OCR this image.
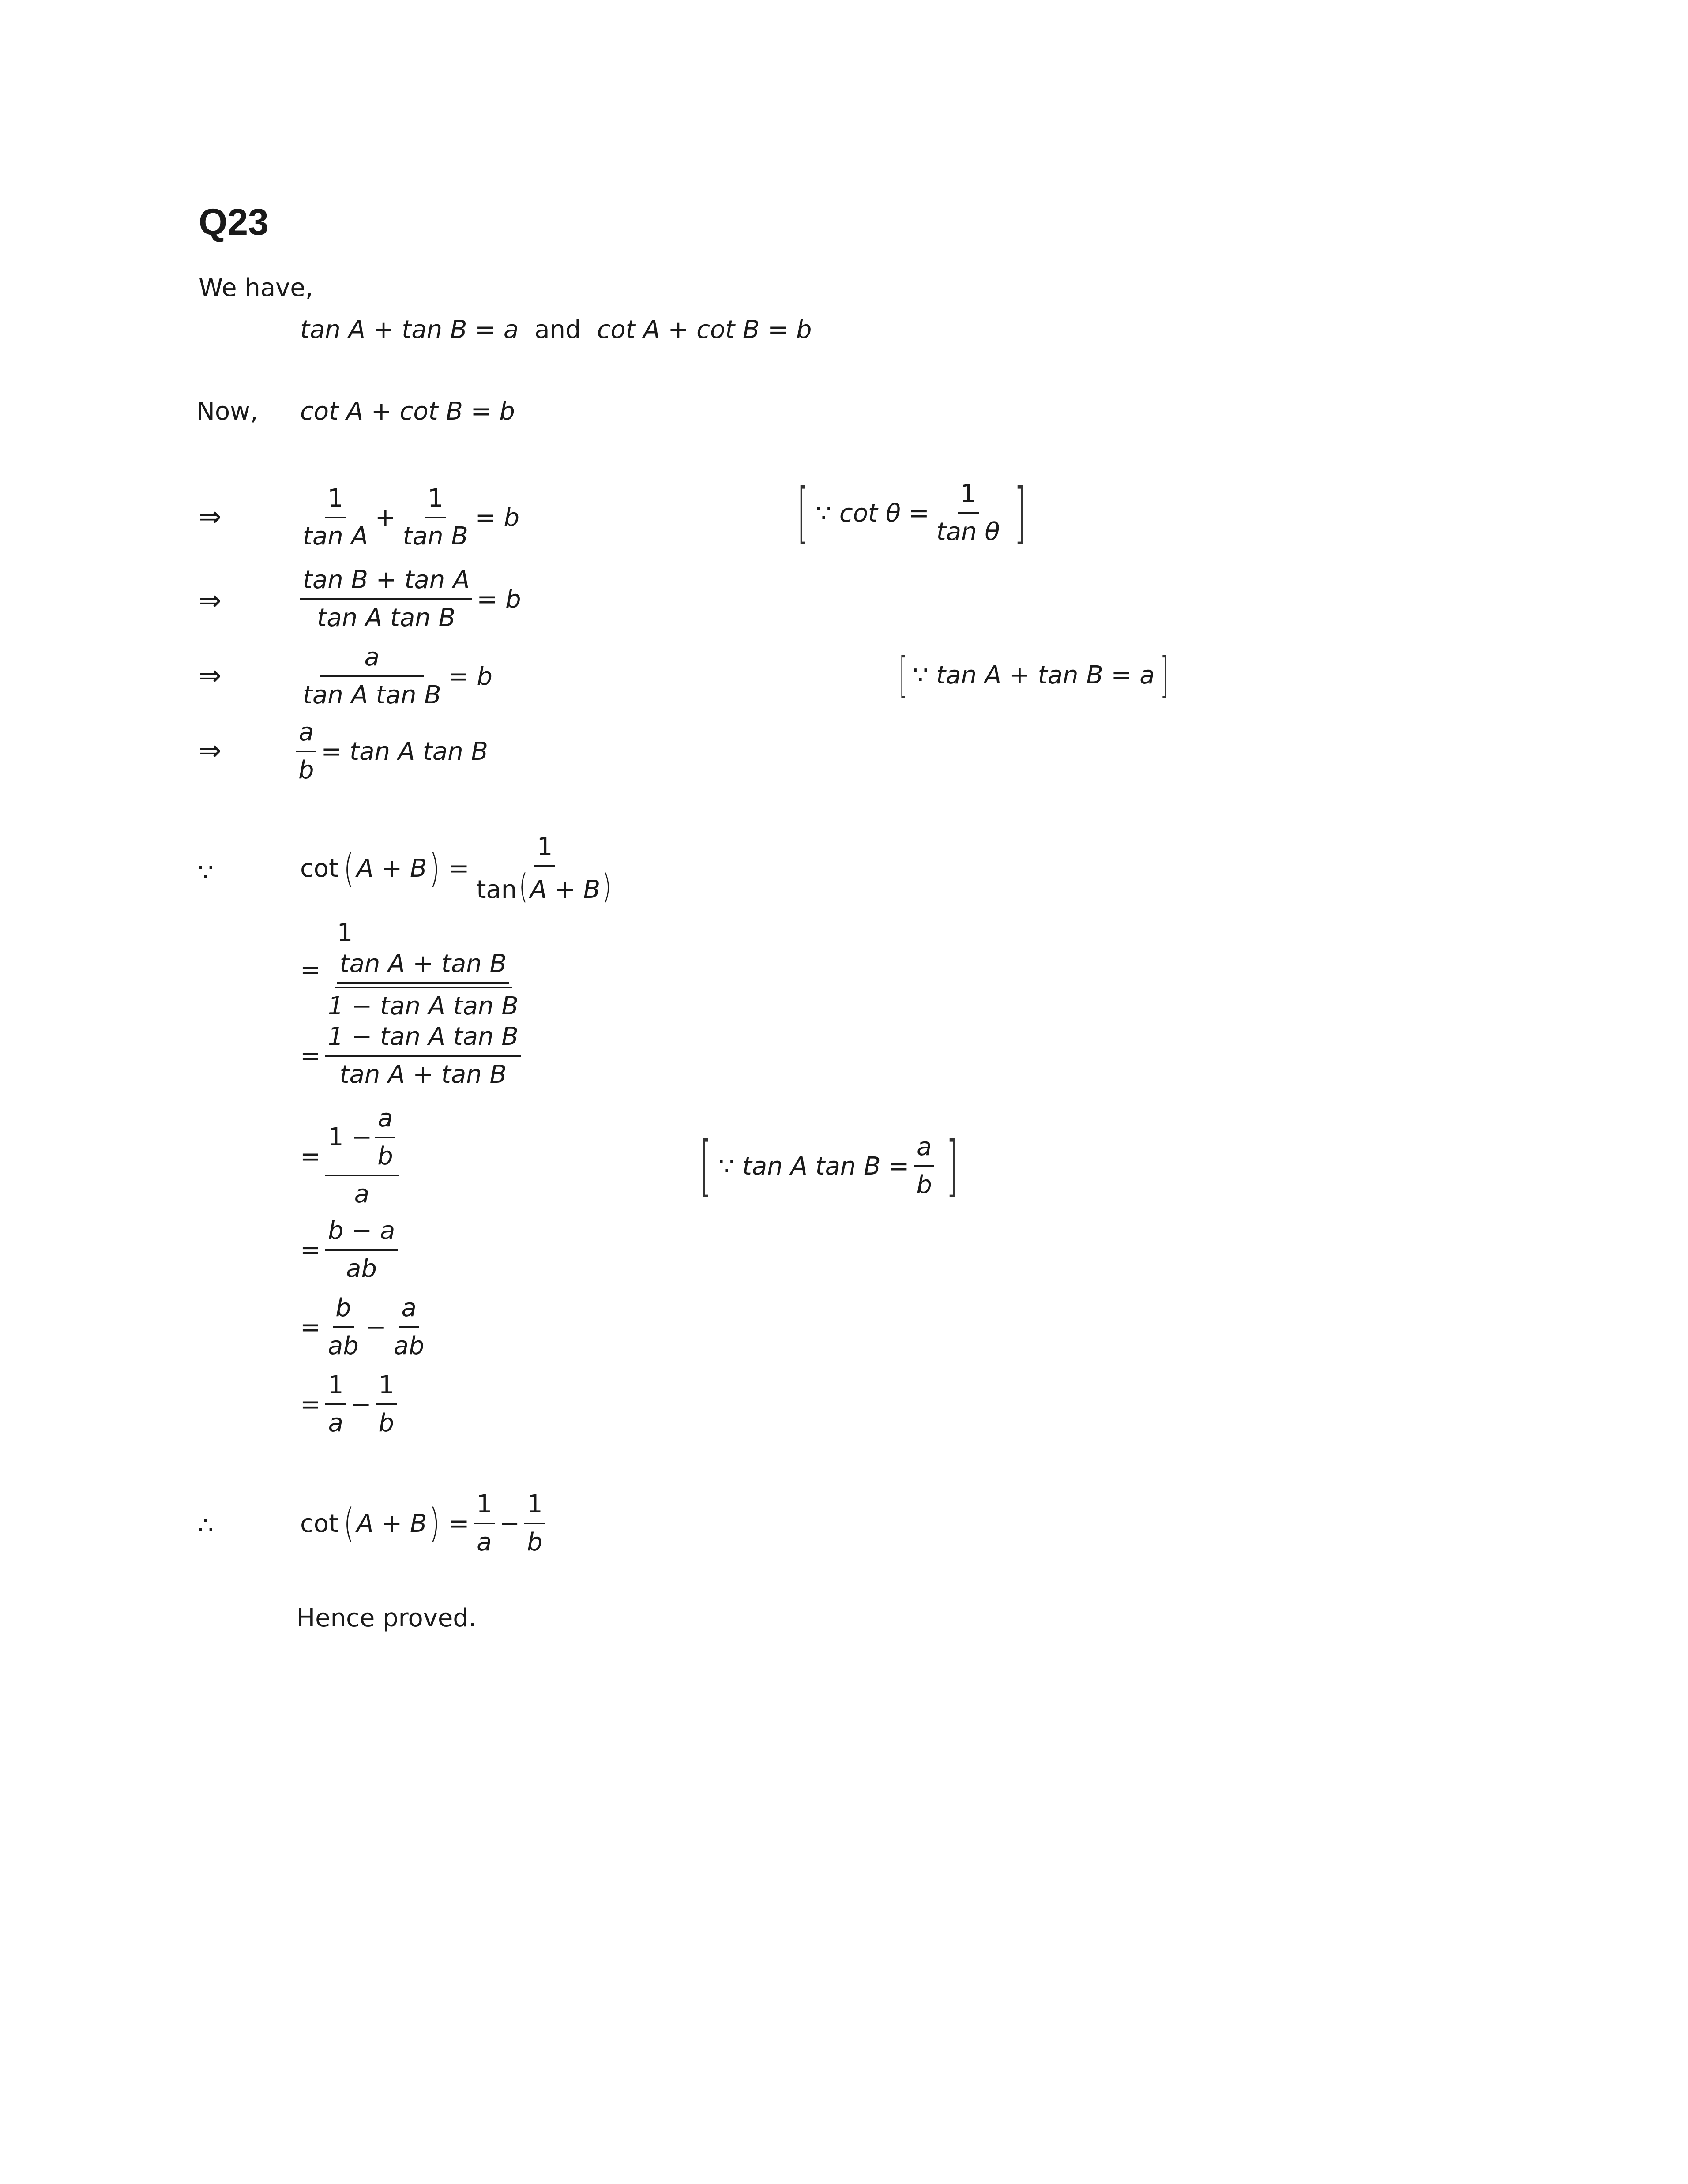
Q23
We have,
tan A + tan B = a and cot A + cot B = b
Now, cot A + cot B = b
⇒	$\frac{1}{\text{tan A}} + \frac{1}{\text{tan B}} = b$	[ ∵ $\cot \theta = \frac{1}{\text{tan θ}}$ ]
⇒	$\frac{\text{tan B + tan A}}{\text{tan A tan B}} = b$
⇒	$\frac{a}{\text{tan A tan B}} = b$	[ ∵ tan A + tan B = a ]
⇒	$\frac{a}{b} = \tan A$ tan B
∵	cot ( A + B ) = $\frac{1}{\tan(A + B)}$
= 1
tan A + tan B
1 − tan A tan B
= $\frac{\text{1 − tan A tan B}}{\text{tan A + tan B}}$
= $\frac{1 - \frac{a}{b}}{a}$	[ ∵ tan A $\tan B = \frac{a}{b}$ ]
= $\frac{b - a}{ab}$
= $\frac{b}{ab} - \frac{a}{ab}$
= $\frac{1}{a} - \frac{1}{b}$
∴	cot ( A + B ) = $\frac{1}{a} - \frac{1}{b}$
Hence proved.
